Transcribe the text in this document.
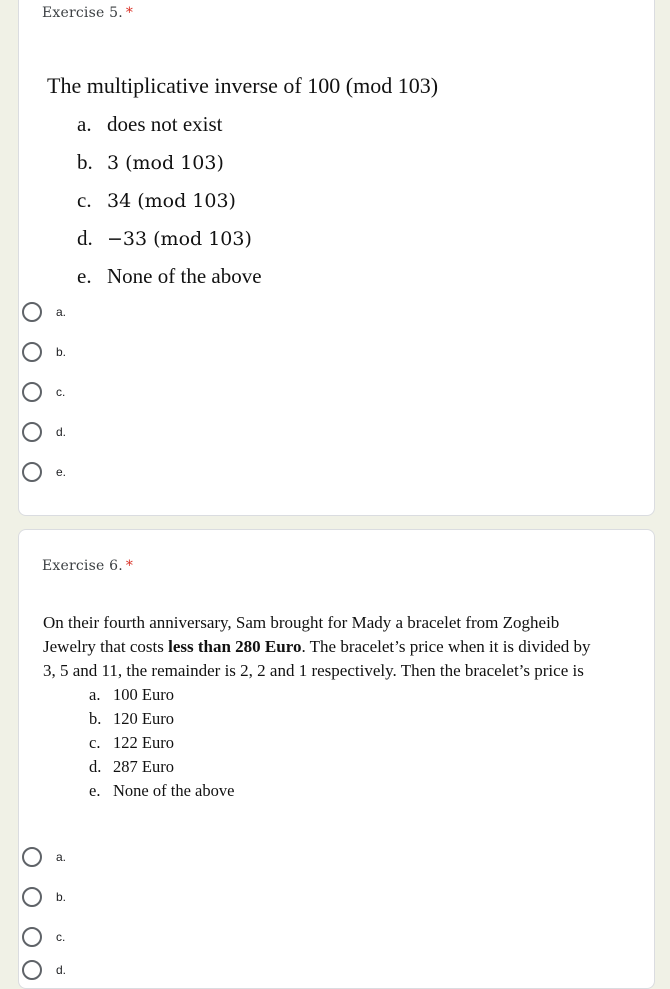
Exercise 5. *
The multiplicative inverse of 100 (mod 103)
a. does not exist
b. 3 (mod 103)
c. 34 (mod 103)
d. −33 (mod 103)
e. None of the above
a.
b.
c.
d.
e.
Exercise 6. *
On their fourth anniversary, Sam brought for Mady a bracelet from Zogheib Jewelry that costs less than 280 Euro. The bracelet’s price when it is divided by 3, 5 and 11, the remainder is 2, 2 and 1 respectively. Then the bracelet’s price is
a. 100 Euro
b. 120 Euro
c. 122 Euro
d. 287 Euro
e. None of the above
a.
b.
c.
d.
